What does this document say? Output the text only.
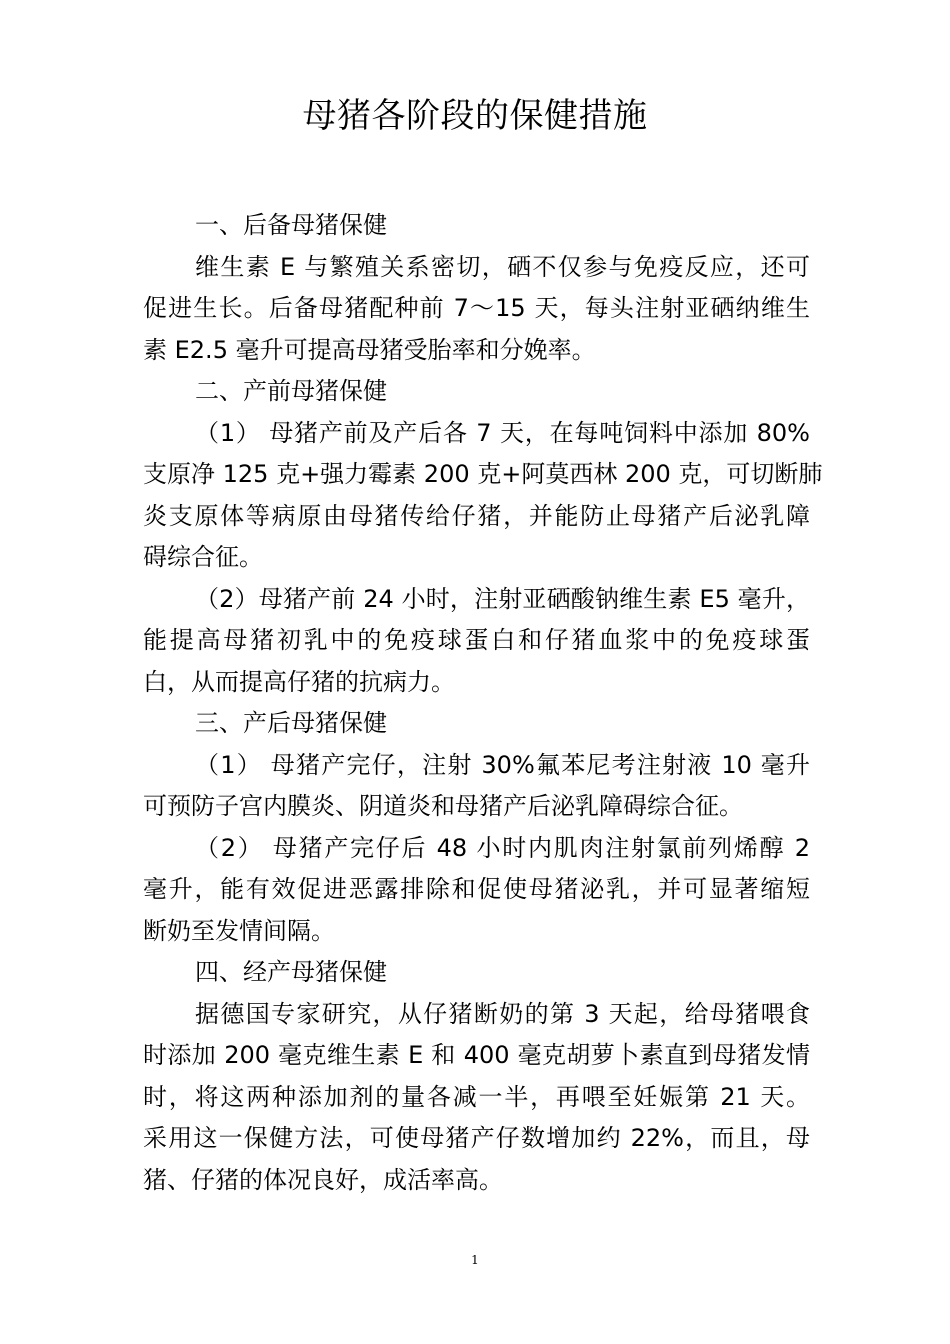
母猪各阶段的保健措施
一、后备母猪保健

维生素 E 与繁殖关系密切，硒不仅参与免疫反应，还可
促进生长。后备母猪配种前 7～15 天，每头注射亚硒纳维生
素 E2.5 毫升可提高母猪受胎率和分娩率。

二、产前母猪保健

（1） 母猪产前及产后各 7 天，在每吨饲料中添加 80%
支原净 125 克+强力霉素 200 克+阿莫西林 200 克，可切断肺
炎支原体等病原由母猪传给仔猪，并能防止母猪产后泌乳障
碍综合征。

（2）母猪产前 24 小时，注射亚硒酸钠维生素 E5 毫升，
能提高母猪初乳中的免疫球蛋白和仔猪血浆中的免疫球蛋
白，从而提高仔猪的抗病力。

三、产后母猪保健

（1） 母猪产完仔，注射 30%氟苯尼考注射液 10 毫升
可预防子宫内膜炎、阴道炎和母猪产后泌乳障碍综合征。

（2） 母猪产完仔后 48 小时内肌肉注射氯前列烯醇 2
毫升，能有效促进恶露排除和促使母猪泌乳，并可显著缩短
断奶至发情间隔。

四、经产母猪保健

据德国专家研究，从仔猪断奶的第 3 天起，给母猪喂食
时添加 200 毫克维生素 E 和 400 毫克胡萝卜素直到母猪发情
时，将这两种添加剂的量各减一半，再喂至妊娠第 21 天。
采用这一保健方法，可使母猪产仔数增加约 22%，而且，母
猪、仔猪的体况良好，成活率高。

1
